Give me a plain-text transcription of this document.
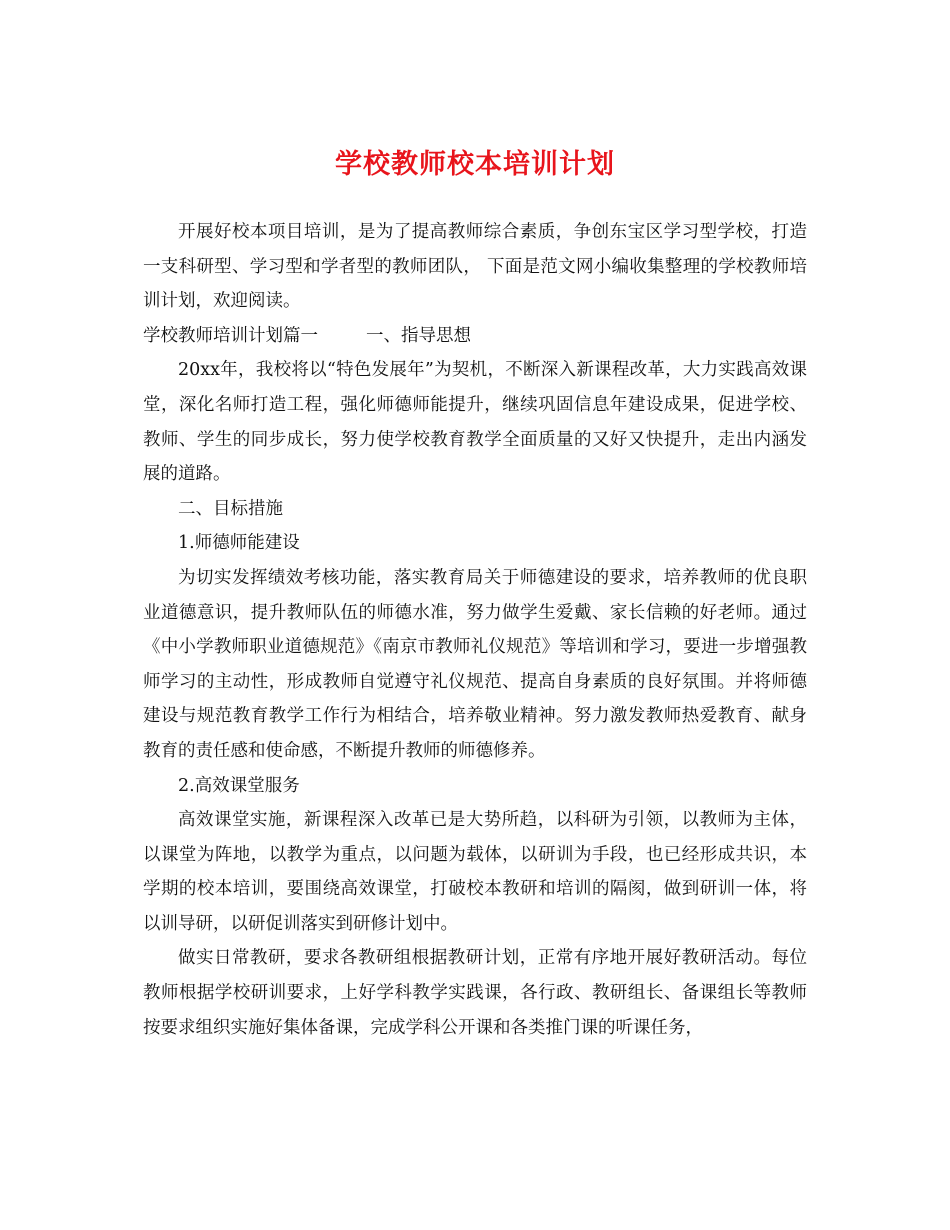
学校教师校本培训计划

开展好校本项目培训，是为了提高教师综合素质，争创东宝区学习型学校，打造一支科研型、学习型和学者型的教师团队， 下面是范文网小编收集整理的学校教师培训计划，欢迎阅读。

学校教师培训计划篇一	一、指导思想

20xx年，我校将以“特色发展年”为契机，不断深入新课程改革，大力实践高效课堂，深化名师打造工程，强化师德师能提升，继续巩固信息年建设成果，促进学校、教师、学生的同步成长，努力使学校教育教学全面质量的又好又快提升，走出内涵发展的道路。

二、目标措施

1.师德师能建设

为切实发挥绩效考核功能，落实教育局关于师德建设的要求，培养教师的优良职业道德意识，提升教师队伍的师德水准，努力做学生爱戴、家长信赖的好老师。通过《中小学教师职业道德规范》《南京市教师礼仪规范》等培训和学习，要进一步增强教师学习的主动性，形成教师自觉遵守礼仪规范、提高自身素质的良好氛围。并将师德建设与规范教育教学工作行为相结合，培养敬业精神。努力激发教师热爱教育、献身教育的责任感和使命感，不断提升教师的师德修养。

2.高效课堂服务

高效课堂实施，新课程深入改革已是大势所趋，以科研为引领，以教师为主体，以课堂为阵地，以教学为重点，以问题为载体，以研训为手段，也已经形成共识，本学期的校本培训，要围绕高效课堂，打破校本教研和培训的隔阂，做到研训一体，将以训导研，以研促训落实到研修计划中。

做实日常教研，要求各教研组根据教研计划，正常有序地开展好教研活动。每位教师根据学校研训要求，上好学科教学实践课，各行政、教研组长、备课组长等教师按要求组织实施好集体备课，完成学科公开课和各类推门课的听课任务，
